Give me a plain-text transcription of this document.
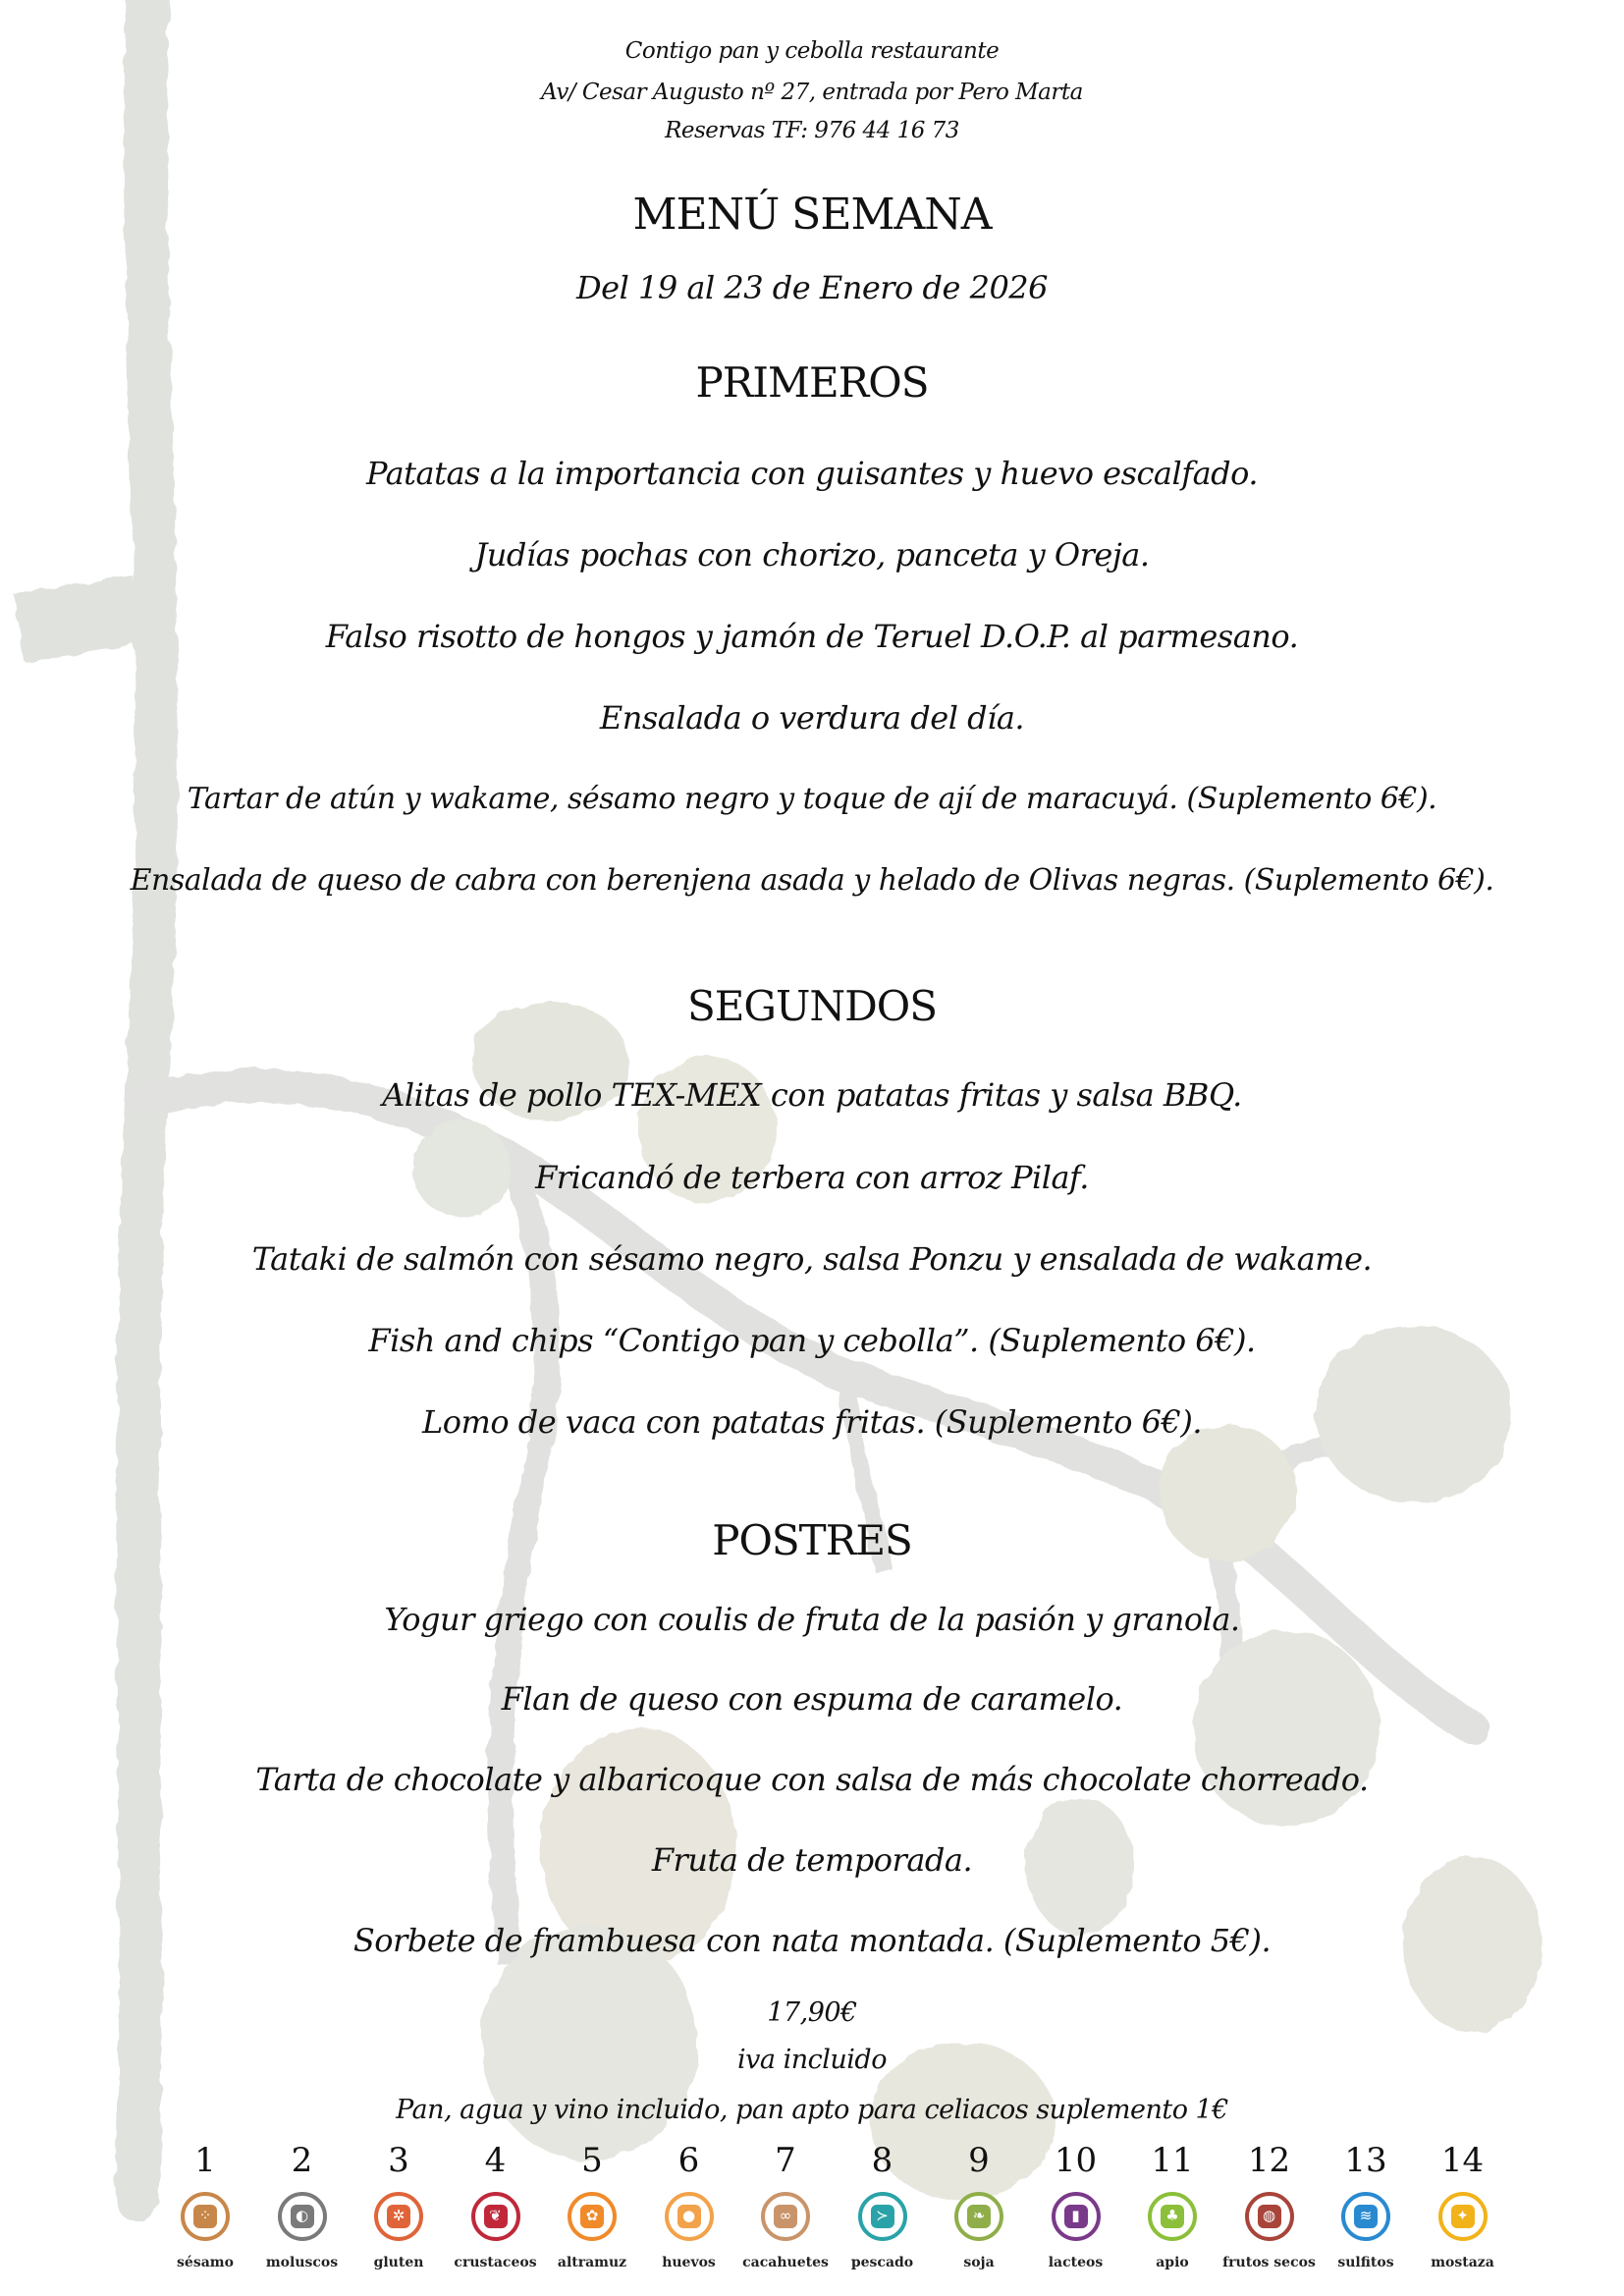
Contigo pan y cebolla restaurante
Av/ Cesar Augusto nº 27, entrada por Pero Marta
Reservas TF: 976 44 16 73
MENÚ SEMANA
Del 19 al 23 de Enero de 2026
PRIMEROS
Patatas a la importancia con guisantes y huevo escalfado.
Judías pochas con chorizo, panceta y Oreja.
Falso risotto de hongos y jamón de Teruel D.O.P. al parmesano.
Ensalada o verdura del día.
Tartar de atún y wakame, sésamo negro y toque de ají de maracuyá. (Suplemento 6€).
Ensalada de queso de cabra con berenjena asada y helado de Olivas negras. (Suplemento 6€).
SEGUNDOS
Alitas de pollo TEX-MEX con patatas fritas y salsa BBQ.
Fricandó de terbera con arroz Pilaf.
Tataki de salmón con sésamo negro, salsa Ponzu y ensalada de wakame.
Fish and chips “Contigo pan y cebolla”. (Suplemento 6€).
Lomo de vaca con patatas fritas. (Suplemento 6€).
POSTRES
Yogur griego con coulis de fruta de la pasión y granola.
Flan de queso con espuma de caramelo.
Tarta de chocolate y albaricoque con salsa de más chocolate chorreado.
Fruta de temporada.
Sorbete de frambuesa con nata montada. (Suplemento 5€).
17,90€
iva incluido
Pan, agua y vino incluido, pan apto para celiacos suplemento 1€
1
⁘
sésamo
2
◐
moluscos
3
✲
gluten
4
❦
crustaceos
5
✿
altramuz
6
●
huevos
7
∞
cacahuetes
8
≻
pescado
9
❧
soja
10
▮
lacteos
11
♣
apio
12
◍
frutos secos
13
≋
sulfitos
14
✦
mostaza
